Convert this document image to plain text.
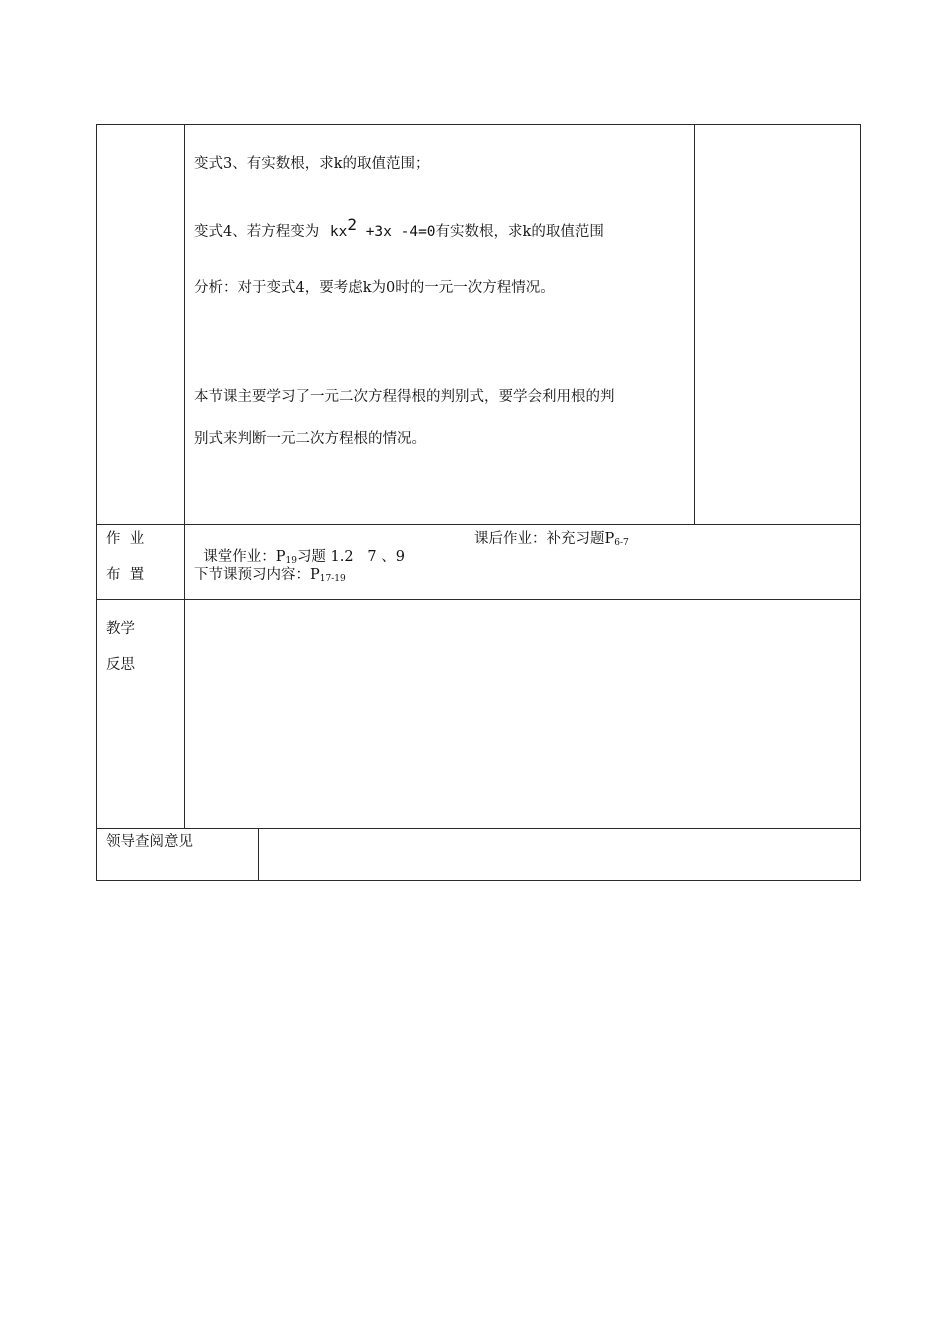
变式3、有实数根，求k的取值范围；
变式4、若方程变为 $kx^2 +3x$ -4=0有实数根，求k的取值范围
分析：对于变式4，要考虑k为0时的一元一次方程情况。
本节课主要学习了一元二次方程得根的判别式，要学会利用根的判
别式来判断一元二次方程根的情况。
作  业
布  置

课堂作业：$P_{19}$习题 1.2   7 、9

课后作业：补充习题$P_{6-7}$
下节课预习内容：$P_{17-19}$
教学
反思
领导查阅意见
